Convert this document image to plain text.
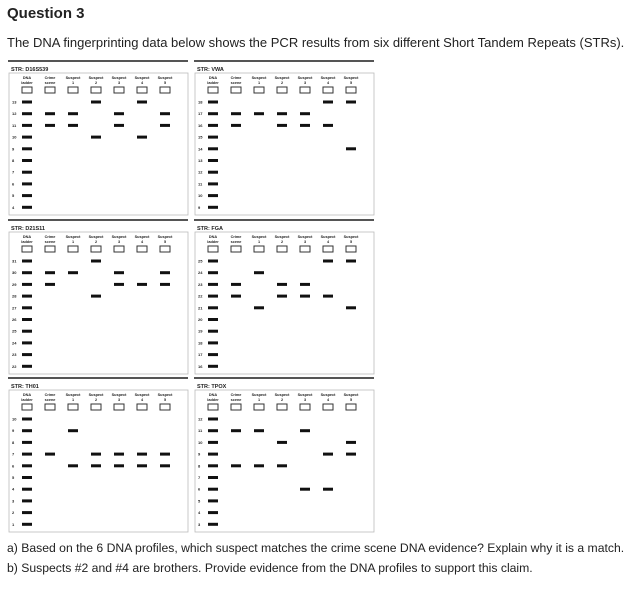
Question 3
The DNA fingerprinting data below shows the PCR results from six different Short Tandem Repeats (STRs).
STR: D16S539
DNA
ladder
Crime
scene
Suspect
1
Suspect
2
Suspect
3
Suspect
4
Suspect
5
13
12
11
10
9
8
7
6
5
4
STR: VWA
DNA
ladder
Crime
scene
Suspect
1
Suspect
2
Suspect
3
Suspect
4
Suspect
5
18
17
16
15
14
13
12
11
10
9
STR: D21S11
DNA
ladder
Crime
scene
Suspect
1
Suspect
2
Suspect
3
Suspect
4
Suspect
5
31
30
29
28
27
26
25
24
23
22
STR: FGA
DNA
ladder
Crime
scene
Suspect
1
Suspect
2
Suspect
3
Suspect
4
Suspect
5
25
24
23
22
21
20
19
18
17
16
STR: TH01
DNA
ladder
Crime
scene
Suspect
1
Suspect
2
Suspect
3
Suspect
4
Suspect
5
10
9
8
7
6
5
4
3
2
1
STR: TPOX
DNA
ladder
Crime
scene
Suspect
1
Suspect
2
Suspect
3
Suspect
4
Suspect
5
12
11
10
9
8
7
6
5
4
3
a) Based on the 6 DNA profiles, which suspect matches the crime scene DNA evidence? Explain why it is a match.
b) Suspects #2 and #4 are brothers. Provide evidence from the DNA profiles to support this claim.
